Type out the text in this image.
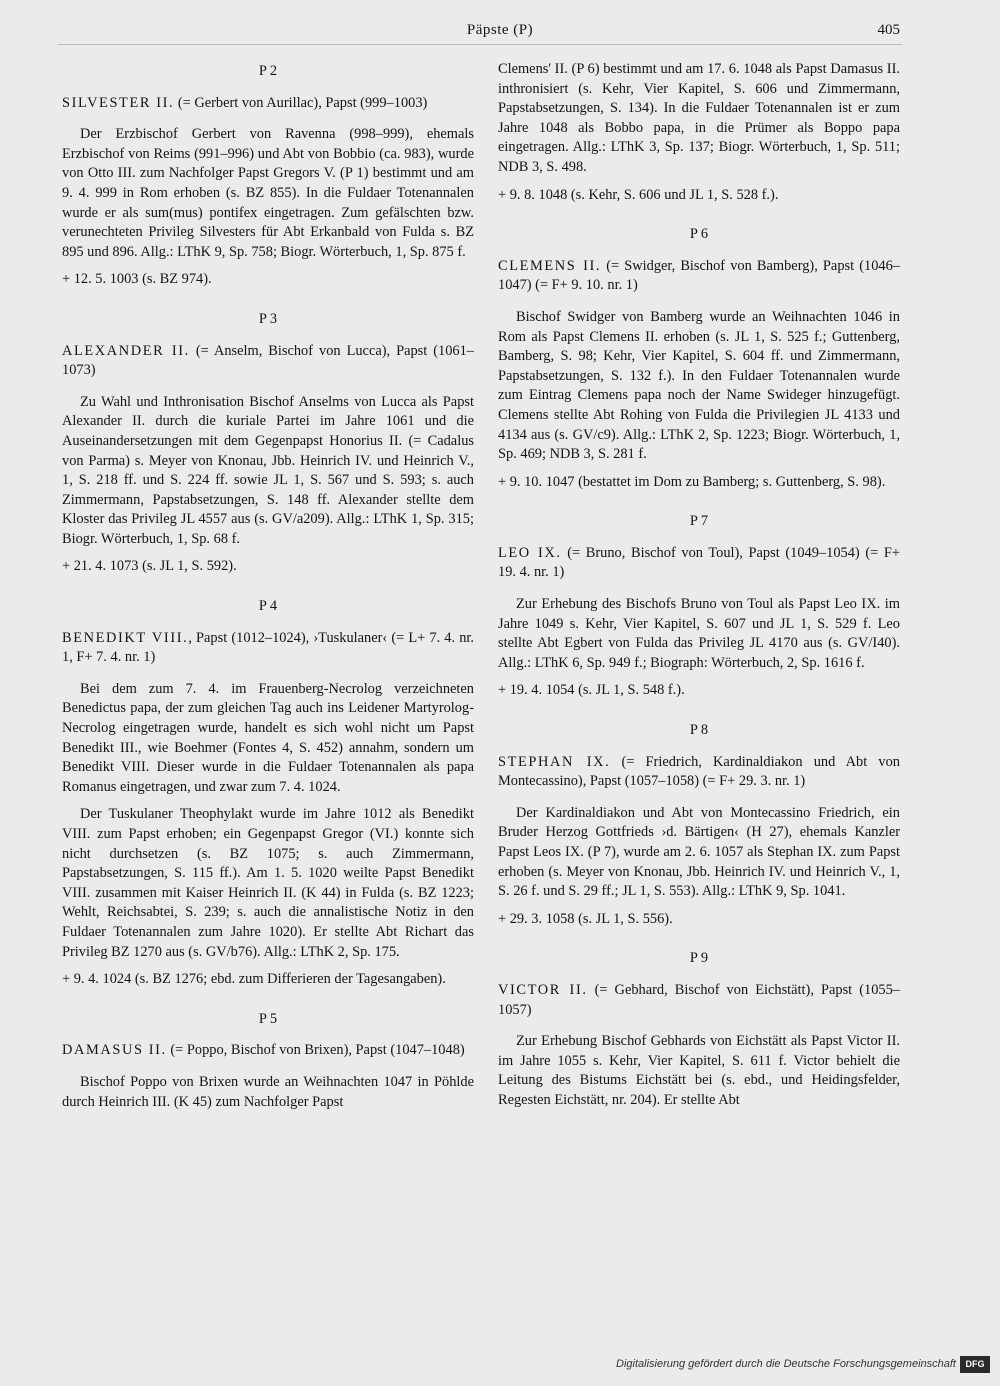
Päpste (P)	405
P 2
SILVESTER II. (= Gerbert von Aurillac), Papst (999–1003)

Der Erzbischof Gerbert von Ravenna (998–999), ehemals Erzbischof von Reims (991–996) und Abt von Bobbio (ca. 983), wurde von Otto III. zum Nachfolger Papst Gregors V. (P 1) bestimmt und am 9. 4. 999 in Rom erhoben (s. BZ 855). In die Fuldaer Totenannalen wurde er als sum(mus) pontifex eingetragen. Zum gefälschten bzw. verunechteten Privileg Silvesters für Abt Erkanbald von Fulda s. BZ 895 und 896. Allg.: LThK 9, Sp. 758; Biogr. Wörterbuch, 1, Sp. 875 f.

+ 12. 5. 1003 (s. BZ 974).

P 3
ALEXANDER II. (= Anselm, Bischof von Lucca), Papst (1061–1073)

Zu Wahl und Inthronisation Bischof Anselms von Lucca als Papst Alexander II. durch die kuriale Partei im Jahre 1061 und die Auseinandersetzungen mit dem Gegenpapst Honorius II. (= Cadalus von Parma) s. Meyer von Knonau, Jbb. Heinrich IV. und Heinrich V., 1, S. 218 ff. und S. 224 ff. sowie JL 1, S. 567 und S. 593; s. auch Zimmermann, Papstabsetzungen, S. 148 ff. Alexander stellte dem Kloster das Privileg JL 4557 aus (s. GV/a209). Allg.: LThK 1, Sp. 315; Biogr. Wörterbuch, 1, Sp. 68 f.

+ 21. 4. 1073 (s. JL 1, S. 592).

P 4
BENEDIKT VIII., Papst (1012–1024), ›Tuskulaner‹ (= L+ 7. 4. nr. 1, F+ 7. 4. nr. 1)

Bei dem zum 7. 4. im Frauenberg-Necrolog verzeichneten Benedictus papa, der zum gleichen Tag auch ins Leidener Martyrolog-Necrolog eingetragen wurde, handelt es sich wohl nicht um Papst Benedikt III., wie Boehmer (Fontes 4, S. 452) annahm, sondern um Benedikt VIII. Dieser wurde in die Fuldaer Totenannalen als papa Romanus eingetragen, und zwar zum 7. 4. 1024.

Der Tuskulaner Theophylakt wurde im Jahre 1012 als Benedikt VIII. zum Papst erhoben; ein Gegenpapst Gregor (VI.) konnte sich nicht durchsetzen (s. BZ 1075; s. auch Zimmermann, Papstabsetzungen, S. 115 ff.). Am 1. 5. 1020 weilte Papst Benedikt VIII. zusammen mit Kaiser Heinrich II. (K 44) in Fulda (s. BZ 1223; Wehlt, Reichsabtei, S. 239; s. auch die annalistische Notiz in den Fuldaer Totenannalen zum Jahre 1020). Er stellte Abt Richart das Privileg BZ 1270 aus (s. GV/b76). Allg.: LThK 2, Sp. 175.

+ 9. 4. 1024 (s. BZ 1276; ebd. zum Differieren der Tagesangaben).

P 5
DAMASUS II. (= Poppo, Bischof von Brixen), Papst (1047–1048)

Bischof Poppo von Brixen wurde an Weihnachten 1047 in Pöhlde durch Heinrich III. (K 45) zum Nachfolger Papst

Clemens' II. (P 6) bestimmt und am 17. 6. 1048 als Papst Damasus II. inthronisiert (s. Kehr, Vier Kapitel, S. 606 und Zimmermann, Papstabsetzungen, S. 134). In die Fuldaer Totenannalen ist er zum Jahre 1048 als Bobbo papa, in die Prümer als Boppo papa eingetragen. Allg.: LThK 3, Sp. 137; Biogr. Wörterbuch, 1, Sp. 511; NDB 3, S. 498.

+ 9. 8. 1048 (s. Kehr, S. 606 und JL 1, S. 528 f.).

P 6
CLEMENS II. (= Swidger, Bischof von Bamberg), Papst (1046–1047) (= F+ 9. 10. nr. 1)

Bischof Swidger von Bamberg wurde an Weihnachten 1046 in Rom als Papst Clemens II. erhoben (s. JL 1, S. 525 f.; Guttenberg, Bamberg, S. 98; Kehr, Vier Kapitel, S. 604 ff. und Zimmermann, Papstabsetzungen, S. 132 f.). In den Fuldaer Totenannalen wurde zum Eintrag Clemens papa noch der Name Swideger hinzugefügt. Clemens stellte Abt Rohing von Fulda die Privilegien JL 4133 und 4134 aus (s. GV/c9). Allg.: LThK 2, Sp. 1223; Biogr. Wörterbuch, 1, Sp. 469; NDB 3, S. 281 f.

+ 9. 10. 1047 (bestattet im Dom zu Bamberg; s. Guttenberg, S. 98).

P 7
LEO IX. (= Bruno, Bischof von Toul), Papst (1049–1054) (= F+ 19. 4. nr. 1)

Zur Erhebung des Bischofs Bruno von Toul als Papst Leo IX. im Jahre 1049 s. Kehr, Vier Kapitel, S. 607 und JL 1, S. 529 f. Leo stellte Abt Egbert von Fulda das Privileg JL 4170 aus (s. GV/I40). Allg.: LThK 6, Sp. 949 f.; Biograph: Wörterbuch, 2, Sp. 1616 f.

+ 19. 4. 1054 (s. JL 1, S. 548 f.).

P 8
STEPHAN IX. (= Friedrich, Kardinaldiakon und Abt von Montecassino), Papst (1057–1058) (= F+ 29. 3. nr. 1)

Der Kardinaldiakon und Abt von Montecassino Friedrich, ein Bruder Herzog Gottfrieds ›d. Bärtigen‹ (H 27), ehemals Kanzler Papst Leos IX. (P 7), wurde am 2. 6. 1057 als Stephan IX. zum Papst erhoben (s. Meyer von Knonau, Jbb. Heinrich IV. und Heinrich V., 1, S. 26 f. und S. 29 ff.; JL 1, S. 553). Allg.: LThK 9, Sp. 1041.

+ 29. 3. 1058 (s. JL 1, S. 556).

P 9
VICTOR II. (= Gebhard, Bischof von Eichstätt), Papst (1055–1057)

Zur Erhebung Bischof Gebhards von Eichstätt als Papst Victor II. im Jahre 1055 s. Kehr, Vier Kapitel, S. 611 f. Victor behielt die Leitung des Bistums Eichstätt bei (s. ebd., und Heidingsfelder, Regesten Eichstätt, nr. 204). Er stellte Abt

Digitalisierung gefördert durch die Deutsche Forschungsgemeinschaft	DFG
